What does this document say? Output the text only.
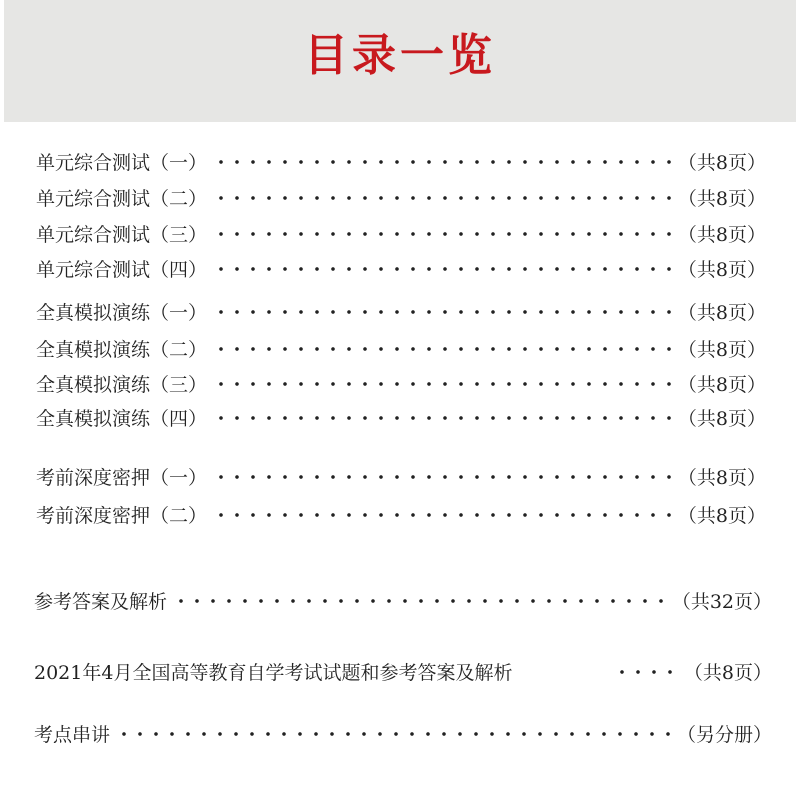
目录一览
单元综合测试（一）	（共8页）
单元综合测试（二）	（共8页）
单元综合测试（三）	（共8页）
单元综合测试（四）	（共8页）
全真模拟演练（一）	（共8页）
全真模拟演练（二）	（共8页）
全真模拟演练（三）	（共8页）
全真模拟演练（四）	（共8页）
考前深度密押（一）	（共8页）
考前深度密押（二）	（共8页）
参考答案及解析	（共32页）
2021年4月全国高等教育自学考试试题和参考答案及解析	（共8页）
考点串讲	（另分册）
